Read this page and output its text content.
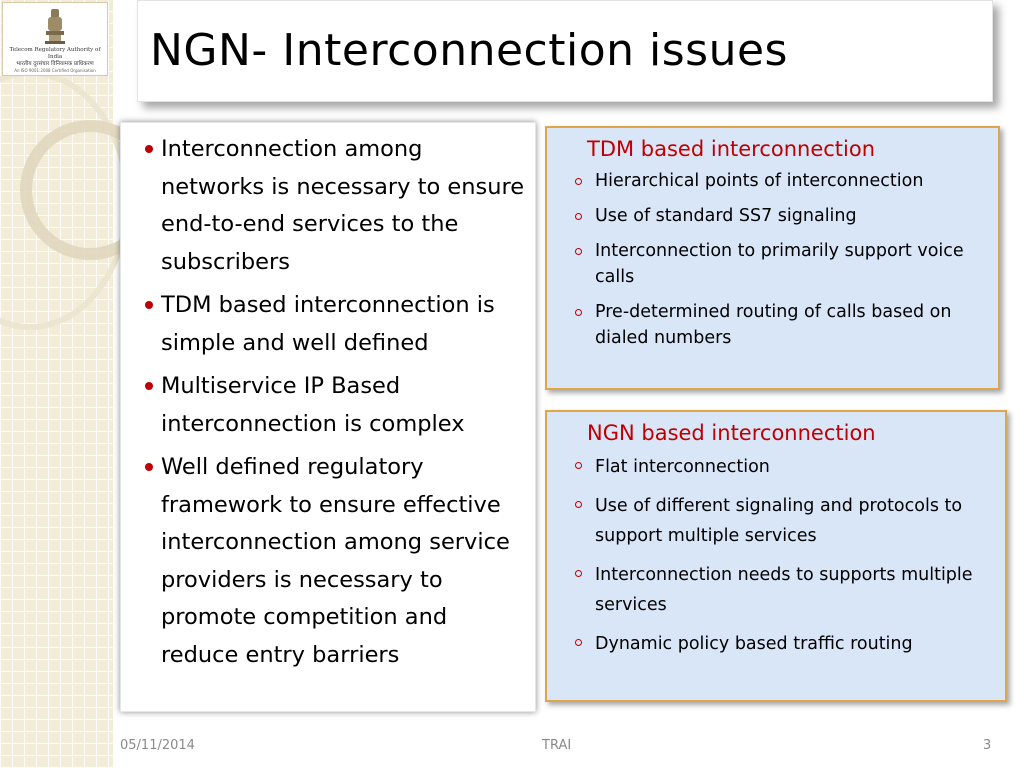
Telecom Regulatory Authority of India
भारतीय दूरसंचार विनियामक प्राधिकरण
An ISO 9001:2008 Certified Organisation NGN- Interconnection issues
Interconnection among networks is necessary to ensure end-to-end services to the subscribers
TDM based interconnection is simple and well defined
Multiservice IP Based interconnection is complex
Well defined regulatory framework to ensure effective interconnection among service providers is necessary to promote competition and reduce entry barriers
TDM based interconnection
Hierarchical points of interconnection
Use of standard SS7 signaling
Interconnection to primarily support voice calls
Pre-determined routing of calls based on dialed numbers
NGN based interconnection
Flat interconnection
Use of different signaling and protocols to support multiple services
Interconnection needs to supports multiple services
Dynamic policy based traffic routing
05/11/2014	TRAI	3
